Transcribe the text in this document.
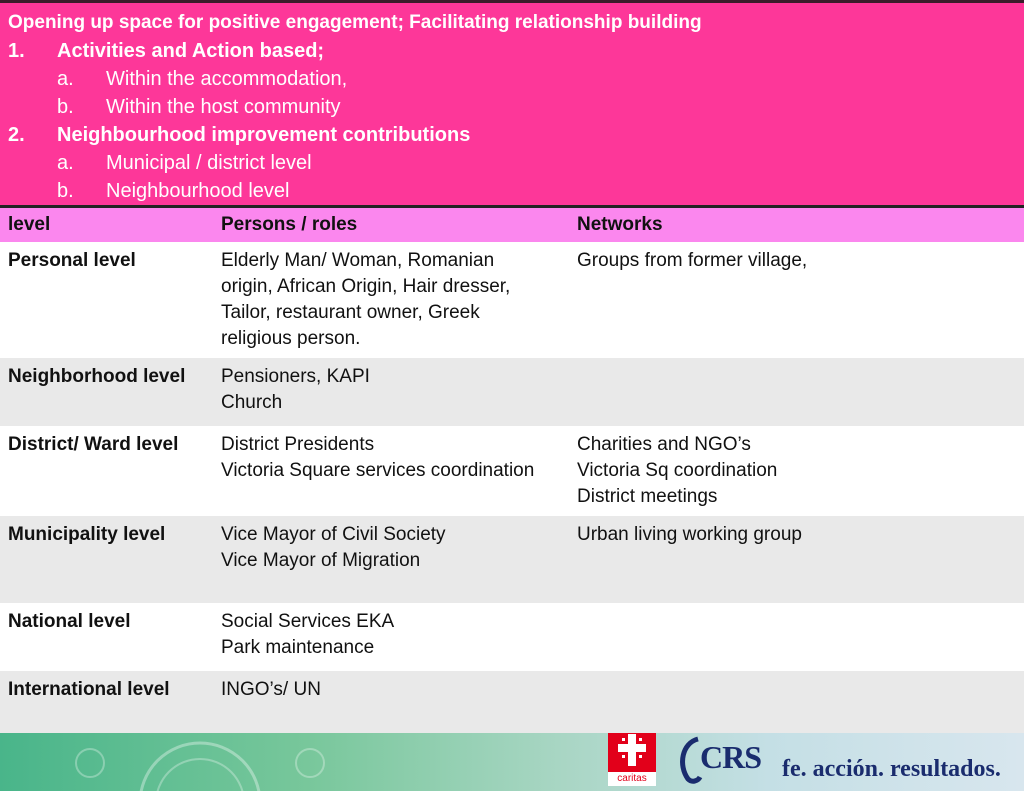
Opening up space for positive engagement; Facilitating relationship building
1. Activities and Action based;
a. Within the accommodation,
b. Within the host community
2. Neighbourhood improvement contributions
a. Municipal / district level
b. Neighbourhood level
level	Persons / roles	Networks
Personal level	Elderly Man/ Woman, Romanian
origin, African Origin, Hair dresser,
Tailor, restaurant owner, Greek
religious person.	Groups from former village,

Neighborhood level	Pensioners, KAPI
Church	

District/ Ward level	District Presidents
Victoria Square services coordination	Charities and NGO’s
Victoria Sq coordination
District meetings

Municipality level	Vice Mayor of Civil Society
Vice Mayor of Migration	Urban living working group

National level	Social Services EKA
Park maintenance	

International level	INGO’s/ UN	

caritas
CRS fe. acción. resultados.
